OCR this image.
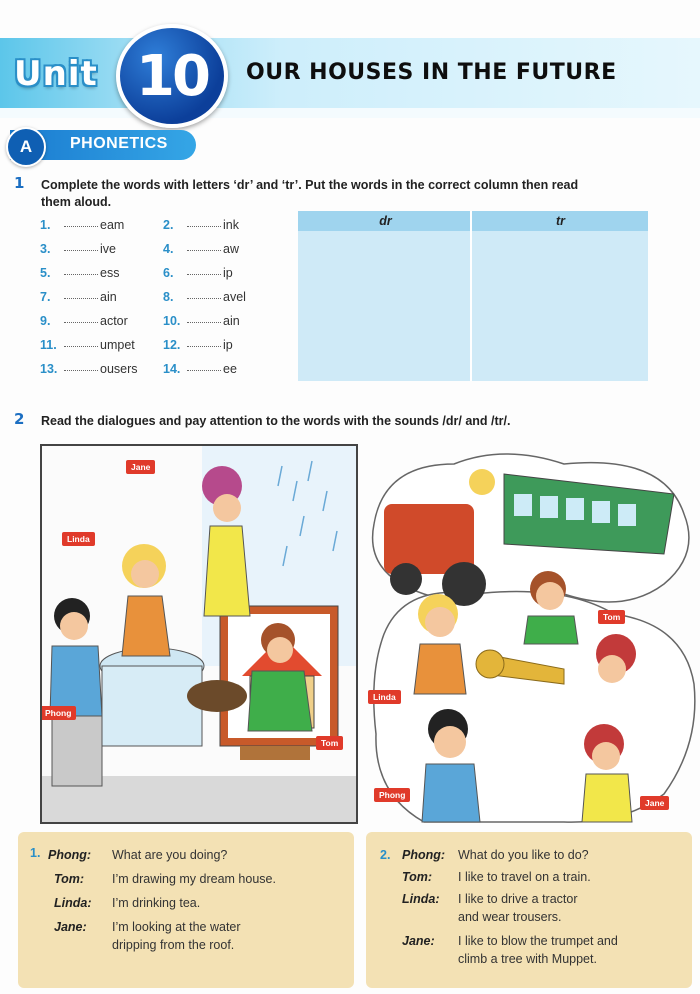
Unit 10 OUR HOUSES IN THE FUTURE
A	PHONETICS
1 Complete the words with letters ‘dr’ and ‘tr’. Put the words in the correct column then read
them aloud.
1.	eam	2.	ink
3.	ive	4.	aw
5.	ess	6.	ip
7.	ain	8.	avel
9.	actor	10.	ain
11.	umpet 12.	ip
13.	ousers 14.	ee
dr	tr
2 Read the dialogues and pay attention to the words with the sounds /dr/ and /tr/.
Jane
Linda
Phong
Tom
Tom
Linda
Phong
Jane
1. Phong: What are you doing?
Tom: I’m drawing my dream house.
Linda: I’m drinking tea.
Jane: I’m looking at the water
dripping from the roof.
2. Phong: What do you like to do?
Tom: I like to travel on a train.
Linda: I like to drive a tractor
and wear trousers.
Jane: I like to blow the trumpet and
climb a tree with Muppet.
